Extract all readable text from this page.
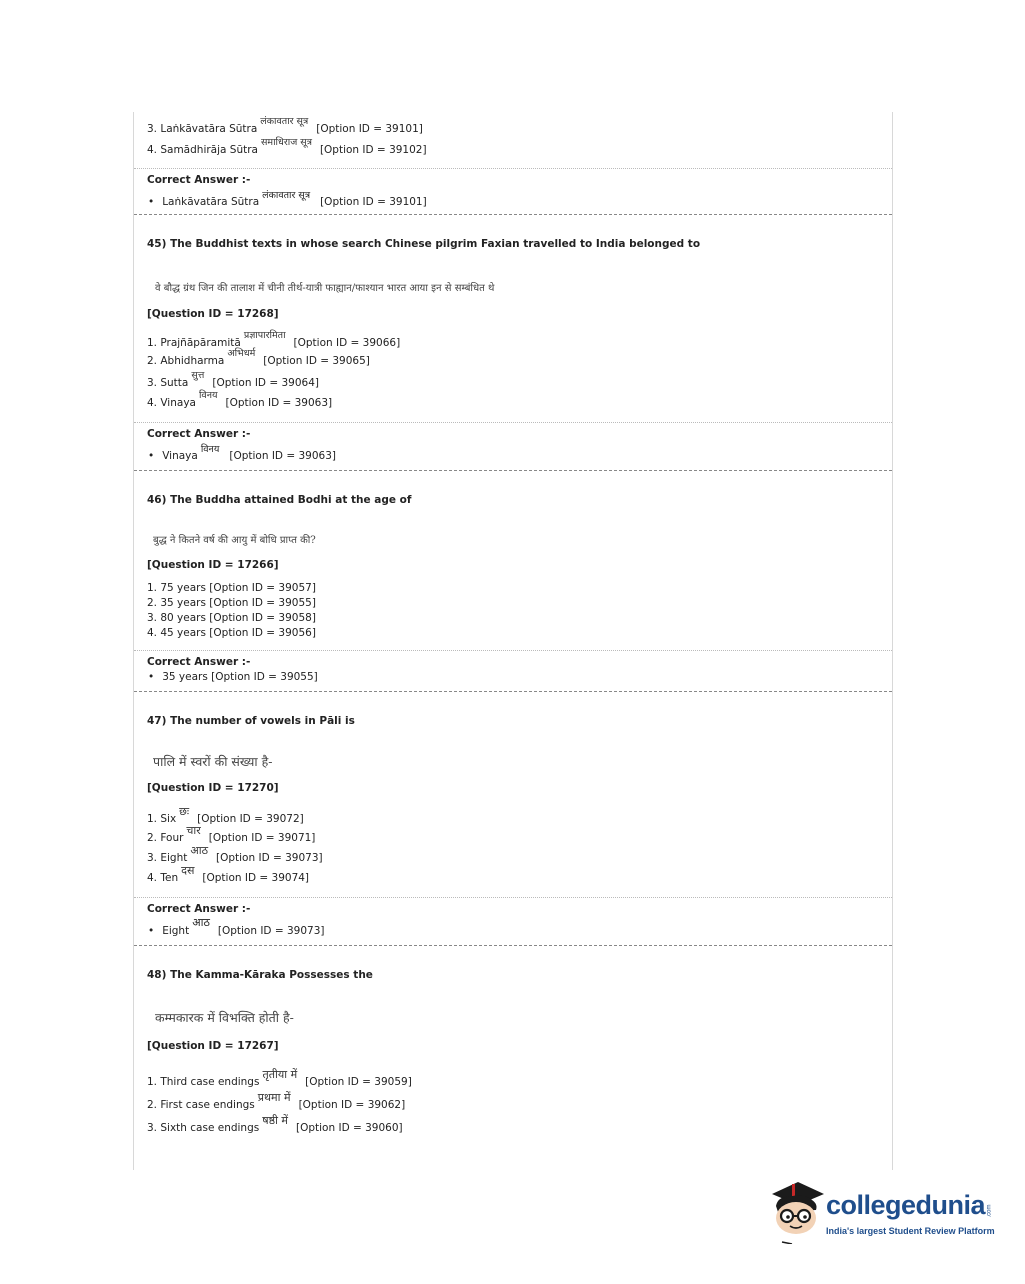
3. Laṅkāvatāra Sūtra
लंकावतार सूत्र
[Option ID = 39101]
4. Samādhirāja Sūtra
समाधिराज सूत्र
[Option ID = 39102]
Correct Answer :-
• Laṅkāvatāra Sūtra
लंकावतार सूत्र
[Option ID = 39101]
45) The Buddhist texts in whose search Chinese pilgrim Faxian travelled to India belonged to
वे बौद्ध ग्रंथ जिन की तालाश में चीनी तीर्थ-यात्री फाह्यान/फाश्यान भारत आया इन से सम्बंधित थे
[Question ID = 17268]
1. Prajñāpāramitā
प्रज्ञापारमिता
[Option ID = 39066]
2. Abhidharma
अभिधर्म
[Option ID = 39065]
3. Sutta
सुत्त
[Option ID = 39064]
4. Vinaya
विनय
[Option ID = 39063]
Correct Answer :-
• Vinaya
विनय
[Option ID = 39063]
46) The Buddha attained Bodhi at the age of
बुद्ध ने कितने वर्ष की आयु में बोधि प्राप्त की?
[Question ID = 17266]
1. 75 years [Option ID = 39057]
2. 35 years [Option ID = 39055]
3. 80 years [Option ID = 39058]
4. 45 years [Option ID = 39056]
Correct Answer :-
• 35 years [Option ID = 39055]
47) The number of vowels in Pāli is
पालि में स्वरों की संख्या है-
[Question ID = 17270]
1. Six
छः
[Option ID = 39072]
2. Four
चार
[Option ID = 39071]
3. Eight
आठ
[Option ID = 39073]
4. Ten
दस
[Option ID = 39074]
Correct Answer :-
• Eight
आठ
[Option ID = 39073]
48) The Kamma-Kāraka Possesses the
कम्मकारक में विभक्ति होती है-
[Question ID = 17267]
1. Third case endings
तृतीया में
[Option ID = 39059]
2. First case endings
प्रथमा में
[Option ID = 39062]
3. Sixth case endings
षष्ठी में
[Option ID = 39060]
collegedunia .com
India's largest Student Review Platform
